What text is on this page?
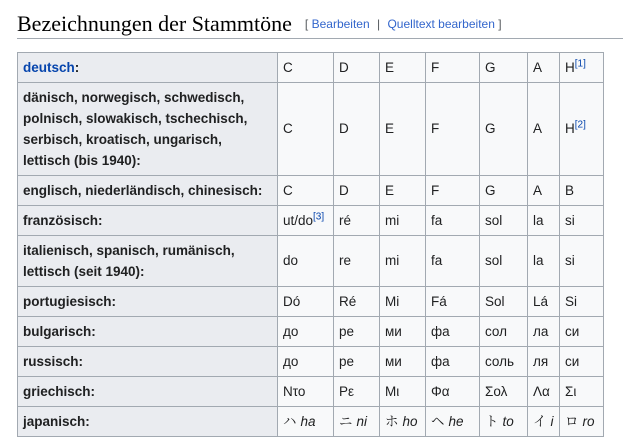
Bezeichnungen der Stammtöne [ Bearbeiten | Quelltext bearbeiten ]
deutsch:	C	D	E	F	G	A	H[1]
dänisch, norwegisch, schwedisch, polnisch, slowakisch, tschechisch, serbisch, kroatisch, ungarisch, lettisch (bis 1940):	C	D	E	F	G	A	H[2]
englisch, niederländisch, chinesisch:	C	D	E	F	G	A	B
französisch:	ut/do[3]	ré	mi	fa	sol	la	si
italienisch, spanisch, rumänisch, lettisch (seit 1940):	do	re	mi	fa	sol	la	si
portugiesisch:	Dó	Ré	Mi	Fá	Sol	Lá	Si
bulgarisch:	до	ре	ми	фа	сол	ла	си
russisch:	до	ре	ми	фа	соль	ля	си
griechisch:	Ντο	Ρε	Μι	Φα	Σολ	Λα	Σι
japanisch:	ハ ha	ニ ni	ホ ho	ヘ he	ト to	イ i	ロ ro
